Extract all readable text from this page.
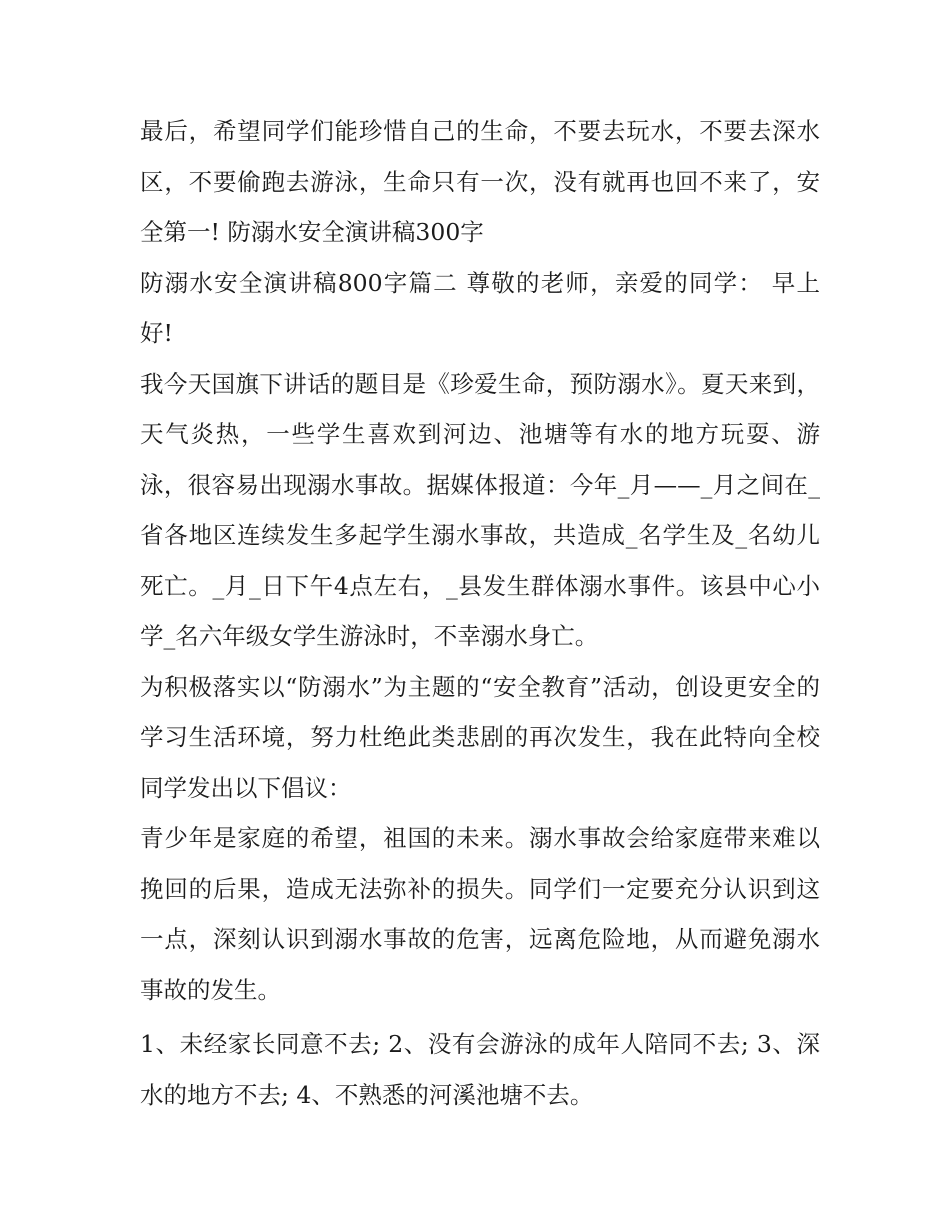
最后，希望同学们能珍惜自己的生命，不要去玩水，不要去深水区，不要偷跑去游泳，生命只有一次，没有就再也回不来了，安全第一! 防溺水安全演讲稿300字

防溺水安全演讲稿800字篇二 尊敬的老师，亲爱的同学： 早上好!

我今天国旗下讲话的题目是《珍爱生命，预防溺水》。夏天来到，天气炎热，一些学生喜欢到河边、池塘等有水的地方玩耍、游泳，很容易出现溺水事故。据媒体报道：今年_月——_月之间在_省各地区连续发生多起学生溺水事故，共造成_名学生及_名幼儿死亡。_月_日下午4点左右，_县发生群体溺水事件。该县中心小学_名六年级女学生游泳时，不幸溺水身亡。

为积极落实以“防溺水”为主题的“安全教育”活动，创设更安全的学习生活环境，努力杜绝此类悲剧的再次发生，我在此特向全校同学发出以下倡议：

青少年是家庭的希望，祖国的未来。溺水事故会给家庭带来难以挽回的后果，造成无法弥补的损失。同学们一定要充分认识到这一点，深刻认识到溺水事故的危害，远离危险地，从而避免溺水事故的发生。

1、未经家长同意不去; 2、没有会游泳的成年人陪同不去; 3、深水的地方不去; 4、不熟悉的河溪池塘不去。
